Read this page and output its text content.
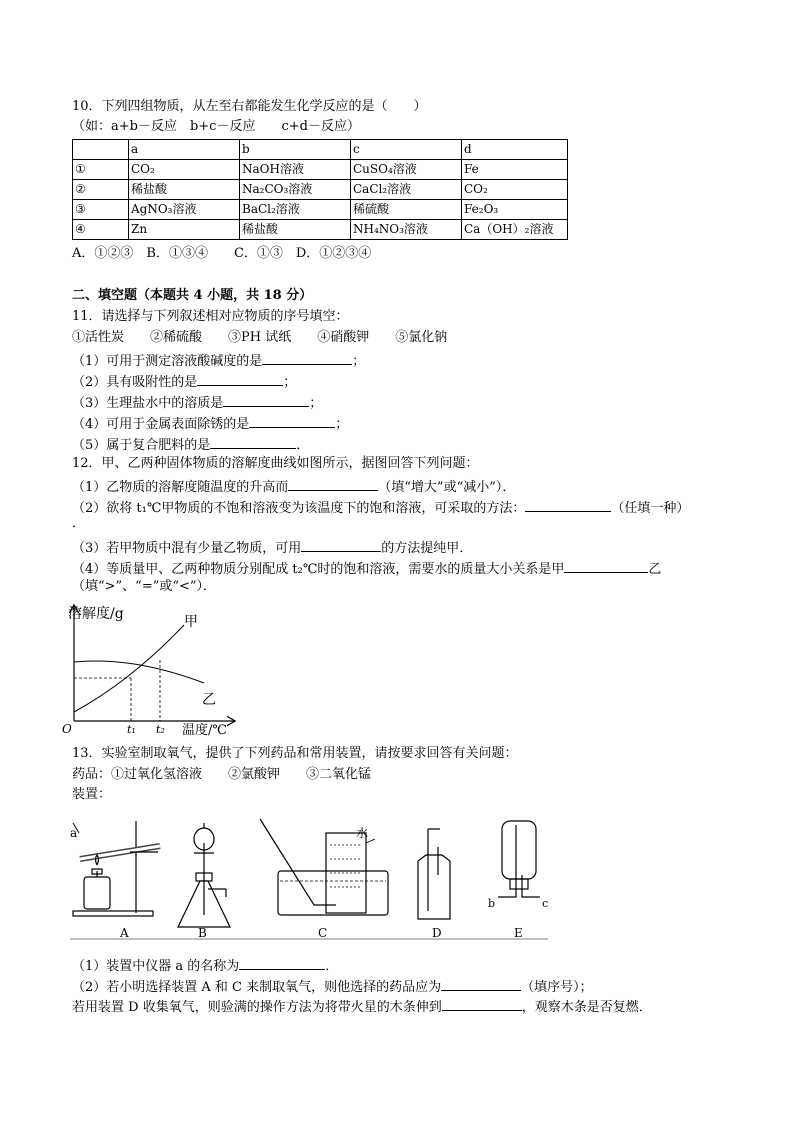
10．下列四组物质，从左至右都能发生化学反应的是（　　）
（如：a+b－反应　b+c－反应　　c+d－反应）
	a	b	c	d
①	CO₂	NaOH溶液	CuSO₄溶液	Fe
②	稀盐酸	Na₂CO₃溶液	CaCl₂溶液	CO₂
③	AgNO₃溶液	BaCl₂溶液	稀硫酸	Fe₂O₃
④	Zn	稀盐酸	NH₄NO₃溶液	Ca（OH）₂溶液
A．①②③　B．①③④　　C．①③　D．①②③④
二、填空题（本题共 4 小题，共 18 分）
11．请选择与下列叙述相对应物质的序号填空：
①活性炭　　②稀硫酸　　③PH 试纸　　④硝酸钾　　⑤氯化钠
（1）可用于测定溶液酸碱度的是	；
（2）具有吸附性的是	；
（3）生理盐水中的溶质是	；
（4）可用于金属表面除锈的是	；
（5）属于复合肥料的是	．
12．甲、乙两种固体物质的溶解度曲线如图所示，据图回答下列问题：
（1）乙物质的溶解度随温度的升高而	（填“增大”或“减小”）．
（2）欲将 t₁℃甲物质的不饱和溶液变为该温度下的饱和溶液，可采取的方法：	（任填一种）
．
（3）若甲物质中混有少量乙物质，可用	的方法提纯甲．
（4）等质量甲、乙两种物质分别配成 t₂℃时的饱和溶液，需要水的质量大小关系是甲	乙
（填“>”、“=”或“<”）．
溶解度/g	甲
乙
O	t₁ t₂ 温度/℃
13．实验室制取氧气，提供了下列药品和常用装置，请按要求回答有关问题：
药品：①过氧化氢溶液　　②氯酸钾　　③二氧化锰
装置：
a	水
b	c
A	B	C	D	E
（1）装置中仪器 a 的名称为	．
（2）若小明选择装置 A 和 C 来制取氧气，则他选择的药品应为	（填序号）；
若用装置 D 收集氧气，则验满的操作方法为将带火星的木条伸到	，观察木条是否复燃．
